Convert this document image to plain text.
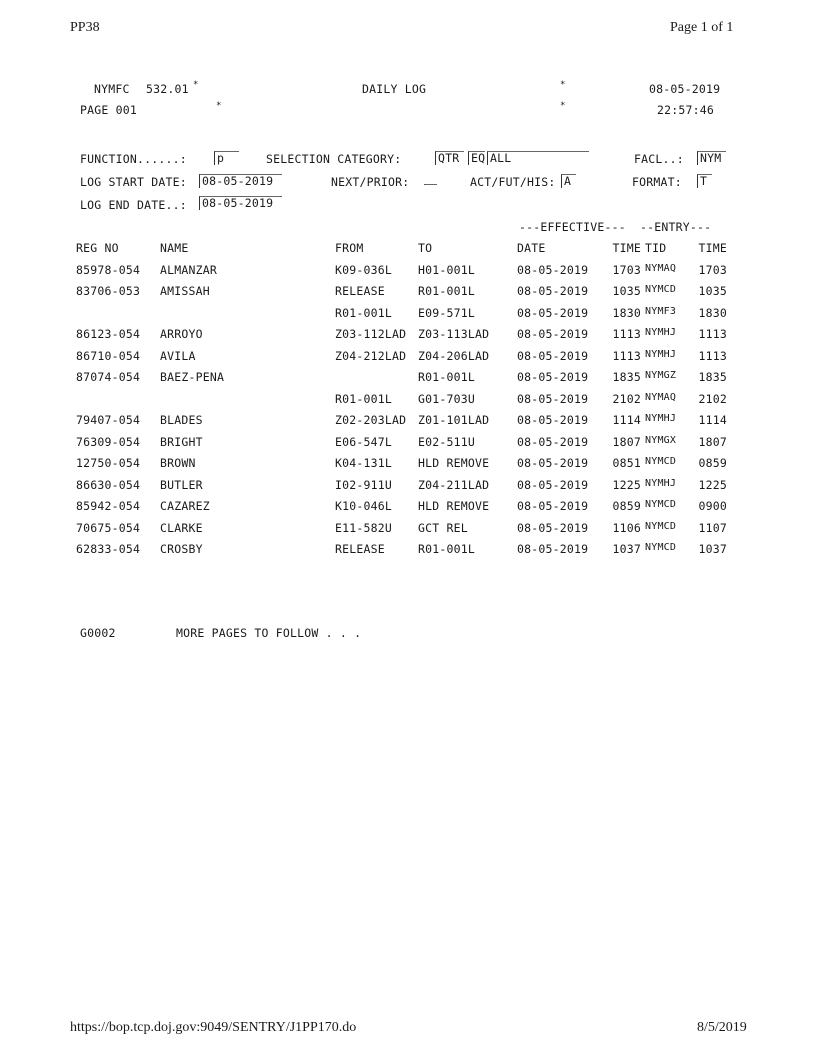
PP38	Page 1 of 1
NYMFC 532.01 *	DAILY LOG	*	08-05-2019
PAGE 001	*	*	22:57:46
FUNCTION......:	p	SELECTION CATEGORY:	QTR	EQ ALL	FACL..: NYM
LOG START DATE: 08-05-2019	NEXT/PRIOR:	ACT/FUT/HIS: A	FORMAT: T
LOG END DATE..: 08-05-2019
---EFFECTIVE--- --ENTRY---
REG NO	NAME	FROM	TO	DATE	TIME	TID	TIME
85978-054	ALMANZAR	K09-036L	H01-001L	08-05-2019	1703	NYMAQ	1703
83706-053	AMISSAH	RELEASE	R01-001L	08-05-2019	1035	NYMCD	1035
		R01-001L	E09-571L	08-05-2019	1830	NYMF3	1830
86123-054	ARROYO	Z03-112LAD	Z03-113LAD	08-05-2019	1113	NYMHJ	1113
86710-054	AVILA	Z04-212LAD	Z04-206LAD	08-05-2019	1113	NYMHJ	1113
87074-054	BAEZ-PENA		R01-001L	08-05-2019	1835	NYMGZ	1835
		R01-001L	G01-703U	08-05-2019	2102	NYMAQ	2102
79407-054	BLADES	Z02-203LAD	Z01-101LAD	08-05-2019	1114	NYMHJ	1114
76309-054	BRIGHT	E06-547L	E02-511U	08-05-2019	1807	NYMGX	1807
12750-054	BROWN	K04-131L	HLD REMOVE	08-05-2019	0851	NYMCD	0859
86630-054	BUTLER	I02-911U	Z04-211LAD	08-05-2019	1225	NYMHJ	1225
85942-054	CAZAREZ	K10-046L	HLD REMOVE	08-05-2019	0859	NYMCD	0900
70675-054	CLARKE	E11-582U	GCT REL	08-05-2019	1106	NYMCD	1107
62833-054	CROSBY	RELEASE	R01-001L	08-05-2019	1037	NYMCD	1037
G0002	MORE PAGES TO FOLLOW . . .
https://bop.tcp.doj.gov:9049/SENTRY/J1PP170.do	8/5/2019
